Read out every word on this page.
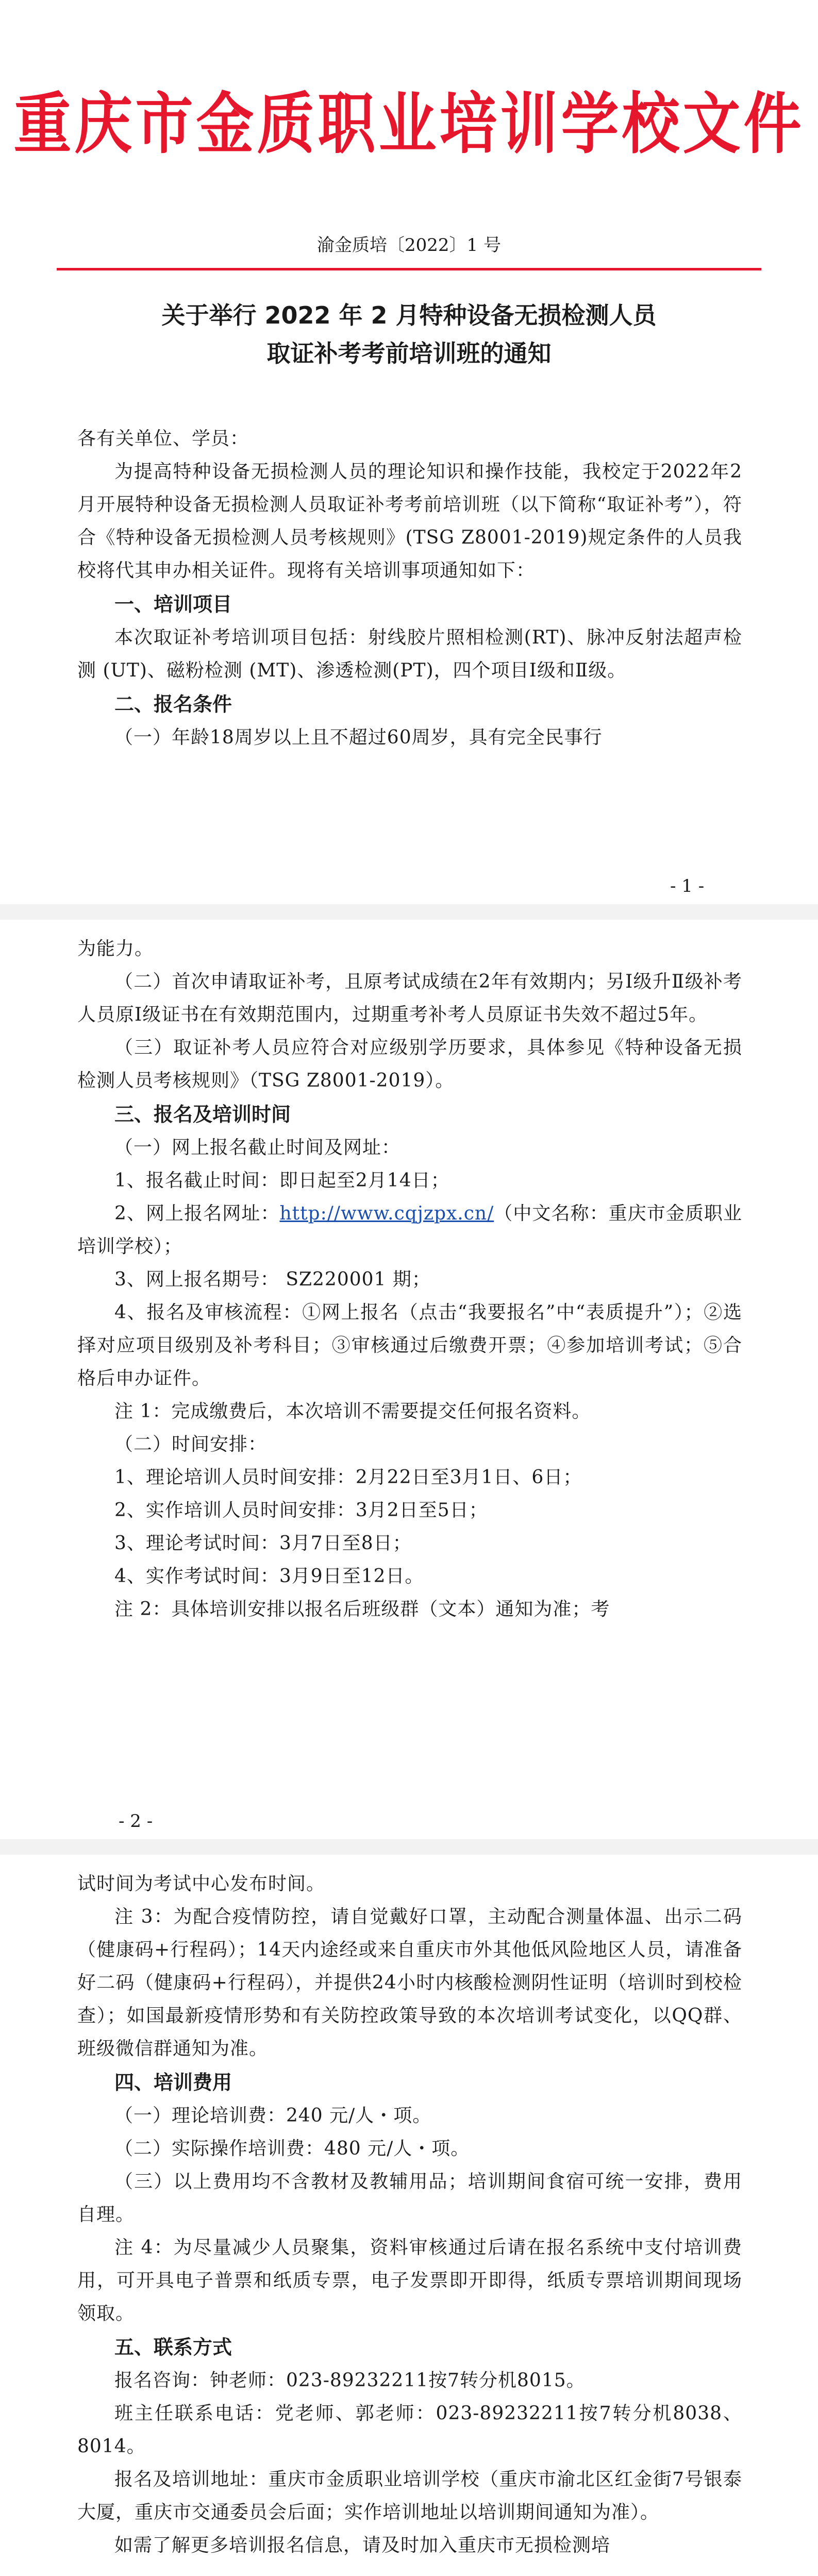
重庆市金质职业培训学校文件
渝金质培〔2022〕1 号
关于举行 2022 年 2 月特种设备无损检测人员
取证补考考前培训班的通知

各有关单位、学员：

为提高特种设备无损检测人员的理论知识和操作技能，我校定于2022年2月开展特种设备无损检测人员取证补考考前培训班（以下简称“取证补考”），符合《特种设备无损检测人员考核规则》(TSG Z8001-2019)规定条件的人员我校将代其申办相关证件。现将有关培训事项通知如下：

一、培训项目

本次取证补考培训项目包括：射线胶片照相检测(RT)、脉冲反射法超声检测 (UT)、磁粉检测 (MT)、渗透检测(PT)，四个项目Ⅰ级和Ⅱ级。

二、报名条件

（一）年龄18周岁以上且不超过60周岁，具有完全民事行

- 1 -

为能力。

（二）首次申请取证补考，且原考试成绩在2年有效期内；另Ⅰ级升Ⅱ级补考人员原Ⅰ级证书在有效期范围内，过期重考补考人员原证书失效不超过5年。

（三）取证补考人员应符合对应级别学历要求，具体参见《特种设备无损检测人员考核规则》（TSG Z8001-2019）。

三、报名及培训时间

（一）网上报名截止时间及网址：

1、报名截止时间：即日起至2月14日；

2、网上报名网址：http://www.cqjzpx.cn/（中文名称：重庆市金质职业培训学校）；

3、网上报名期号： SZ220001 期；

4、报名及审核流程：①网上报名（点击“我要报名”中“表质提升”）；②选择对应项目级别及补考科目；③审核通过后缴费开票；④参加培训考试；⑤合格后申办证件。

注 1：完成缴费后，本次培训不需要提交任何报名资料。

（二）时间安排：

1、理论培训人员时间安排：2月22日至3月1日、6日；

2、实作培训人员时间安排：3月2日至5日；

3、理论考试时间：3月7日至8日；

4、实作考试时间：3月9日至12日。

注 2：具体培训安排以报名后班级群（文本）通知为准；考

- 2 -

试时间为考试中心发布时间。

注 3：为配合疫情防控，请自觉戴好口罩，主动配合测量体温、出示二码（健康码+行程码）；14天内途经或来自重庆市外其他低风险地区人员，请准备好二码（健康码+行程码），并提供24小时内核酸检测阴性证明（培训时到校检查）；如国最新疫情形势和有关防控政策导致的本次培训考试变化，以QQ群、班级微信群通知为准。

四、培训费用

（一）理论培训费：240 元/人・项。

（二）实际操作培训费：480 元/人・项。

（三）以上费用均不含教材及教辅用品；培训期间食宿可统一安排，费用自理。

注 4：为尽量减少人员聚集，资料审核通过后请在报名系统中支付培训费用，可开具电子普票和纸质专票，电子发票即开即得，纸质专票培训期间现场领取。

五、联系方式

报名咨询：钟老师：023-89232211按7转分机8015。

班主任联系电话：党老师、郭老师：023-89232211按7转分机8038、8014。

报名及培训地址：重庆市金质职业培训学校（重庆市渝北区红金街7号银泰大厦，重庆市交通委员会后面；实作培训地址以培训期间通知为准）。

如需了解更多培训报名信息，请及时加入重庆市无损检测培
